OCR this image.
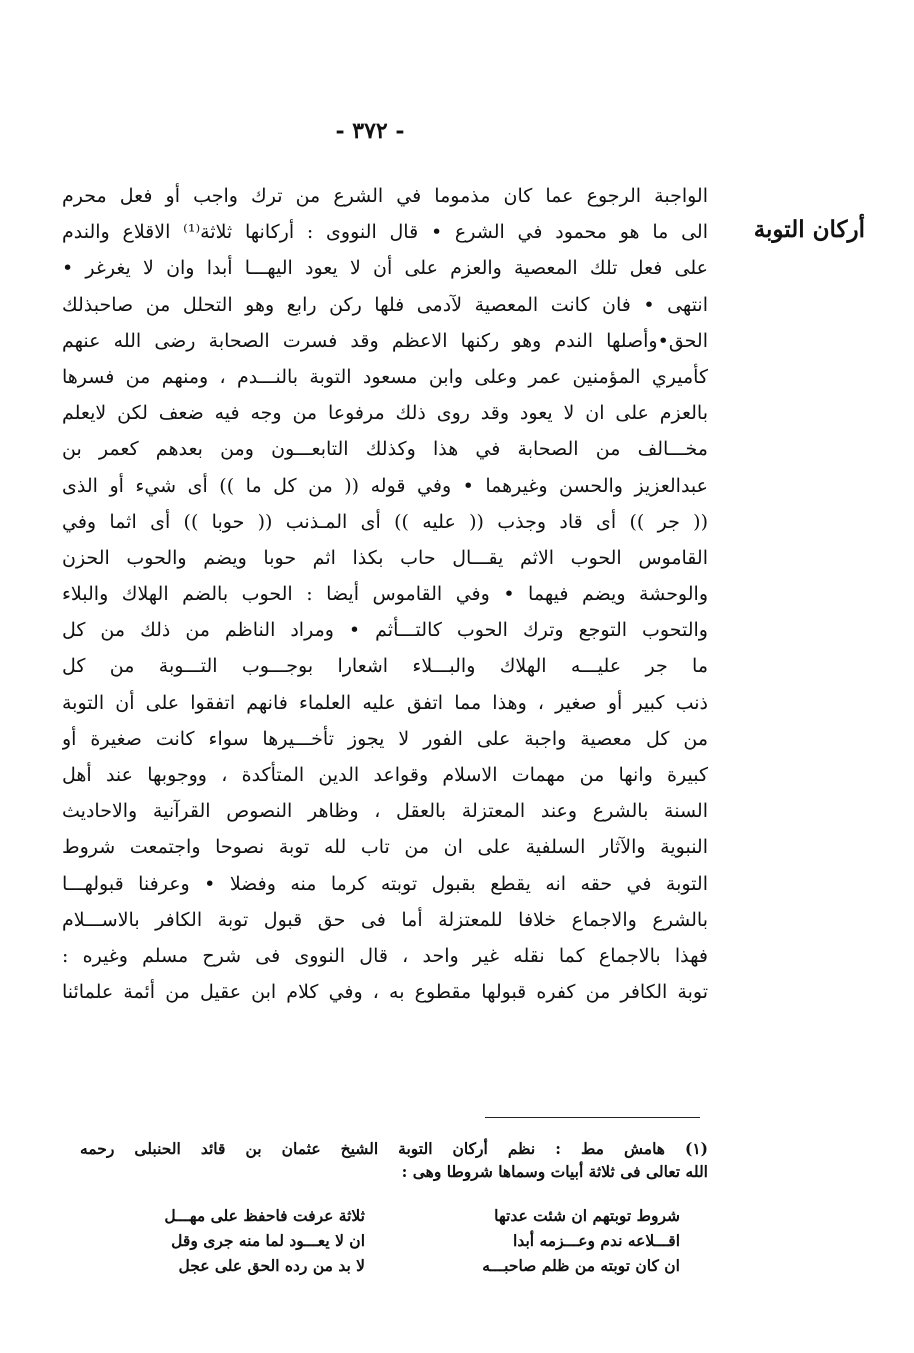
- ٣٧٢ -
أركان التوبة
الواجبة الرجوع عما كان مذموما في الشرع من ترك واجب أو فعل محرم
الى ما هو محمود في الشرع • قال النووى : أركانها ثلاثة⁽¹⁾ الاقلاع والندم
على فعل تلك المعصية والعزم على أن لا يعود اليهـــا أبدا وان لا يغرغر •
انتهى • فان كانت المعصية لآدمى فلها ركن رابع وهو التحلل من صاحبذلك
الحق•وأصلها الندم وهو ركنها الاعظم وقد فسرت الصحابة رضى الله عنهم
كأميري المؤمنين عمر وعلى وابن مسعود التوبة بالنـــدم ، ومنهم من فسرها
بالعزم على ان لا يعود وقد روى ذلك مرفوعا من وجه فيه ضعف لكن لايعلم
مخـــالف من الصحابة في هذا وكذلك التابعـــون ومن بعدهم كعمر بن
عبدالعزيز والحسن وغيرهما • وفي قوله (( من كل ما )) أى شيء أو الذى
(( جر )) أى قاد وجذب (( عليه )) أى المـذنب (( حوبا )) أى اثما وفي
القاموس الحوب الاثم يقـــال حاب بكذا اثم حوبا ويضم والحوب الحزن
والوحشة ويضم فيهما • وفي القاموس أيضا : الحوب بالضم الهلاك والبلاء
والتحوب التوجع وترك الحوب كالتـــأثم • ومراد الناظم من ذلك من كل
ما جر عليـــه الهلاك والبـــلاء اشعارا بوجـــوب التـــوبة من كل
ذنب كبير أو صغير ، وهذا مما اتفق عليه العلماء فانهم اتفقوا على أن التوبة
من كل معصية واجبة على الفور لا يجوز تأخـــيرها سواء كانت صغيرة أو
كبيرة وانها من مهمات الاسلام وقواعد الدين المتأكدة ، ووجوبها عند أهل
السنة بالشرع وعند المعتزلة بالعقل ، وظاهر النصوص القرآنية والاحاديث
النبوية والآثار السلفية على ان من تاب لله توبة نصوحا واجتمعت شروط
التوبة في حقه انه يقطع بقبول توبته كرما منه وفضلا • وعرفنا قبولهـــا
بالشرع والاجماع خلافا للمعتزلة أما فى حق قبول توبة الكافر بالاســـلام
فهذا بالاجماع كما نقله غير واحد ، قال النووى فى شرح مسلم وغيره :
توبة الكافر من كفره قبولها مقطوع به ، وفي كلام ابن عقيل من أئمة علمائنا
(١) هامش مط : نظم أركان التوبة الشيخ عثمان بن قائد الحنبلى رحمه
الله تعالى فى ثلاثة أبيات وسماها شروطا وهى :
شروط توبتهم ان شئت عدتها
ثلاثة عرفت فاحفظ على مهـــل
اقـــلاعه ندم وعـــزمه أبدا
ان لا يعـــود لما منه جرى وقل
ان كان توبته من ظلم صاحبـــه
لا بد من رده الحق على عجل
